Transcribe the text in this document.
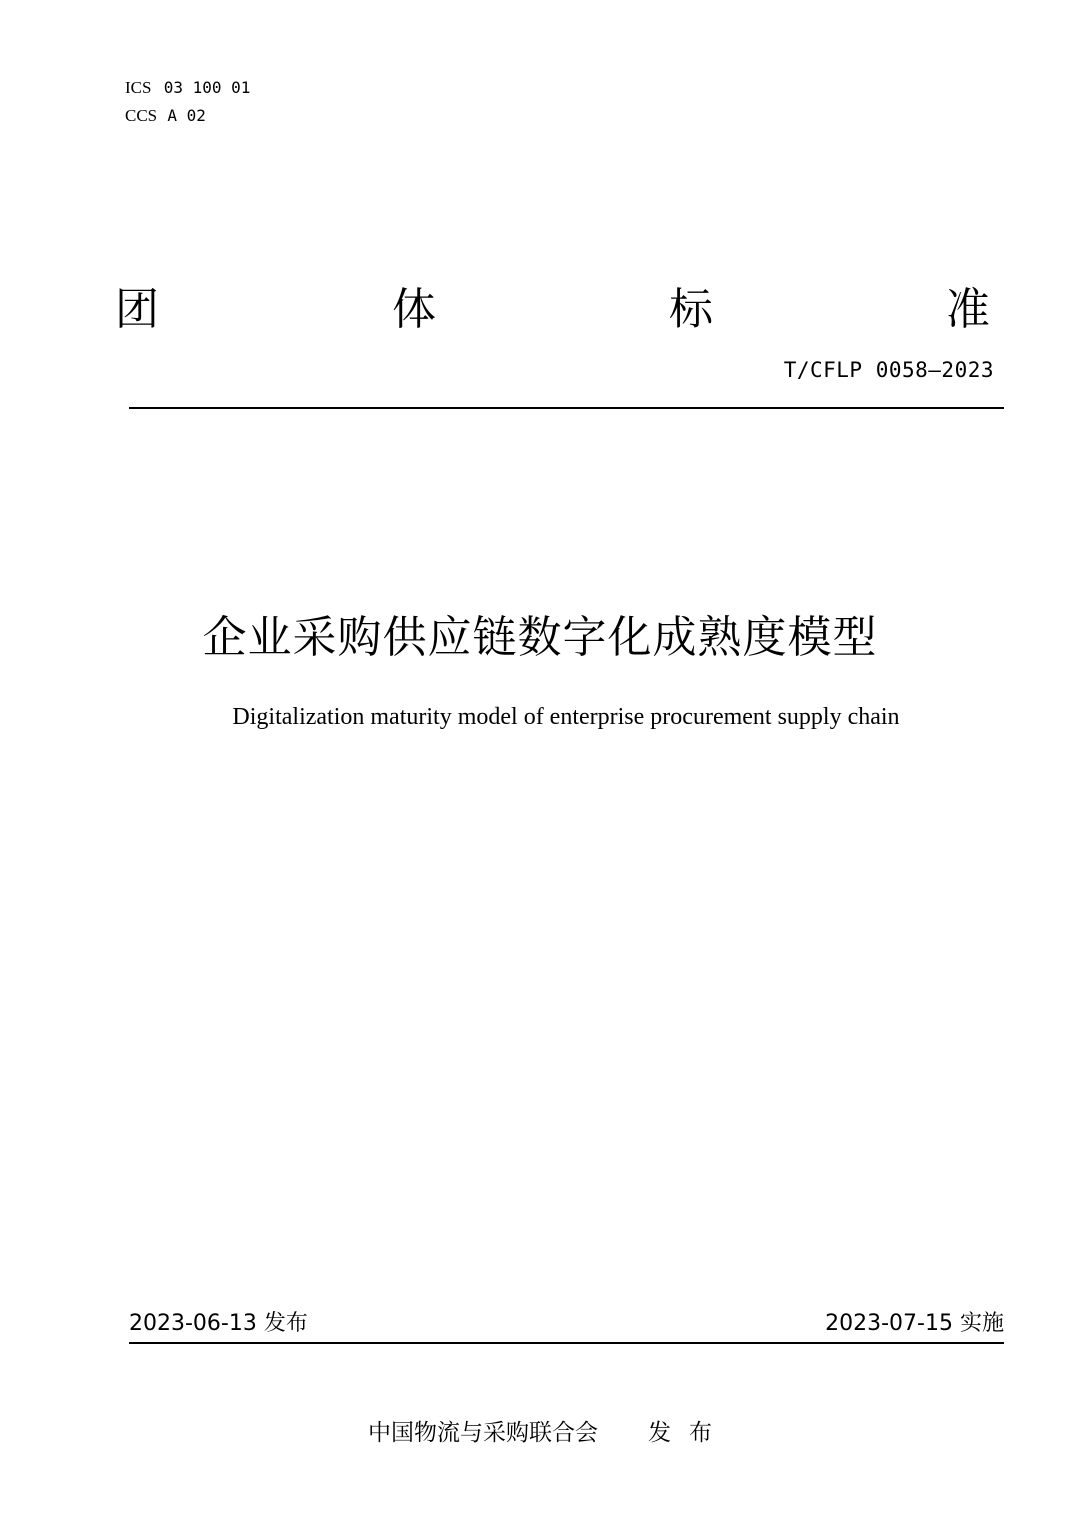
ICS 03 100 01
CCS A 02
团	体	标	准
T/CFLP 0058—2023
企业采购供应链数字化成熟度模型
Digitalization maturity model of enterprise procurement supply chain
2023-06-13 发布	2023-07-15 实施
中国物流与采购联合会 发布
